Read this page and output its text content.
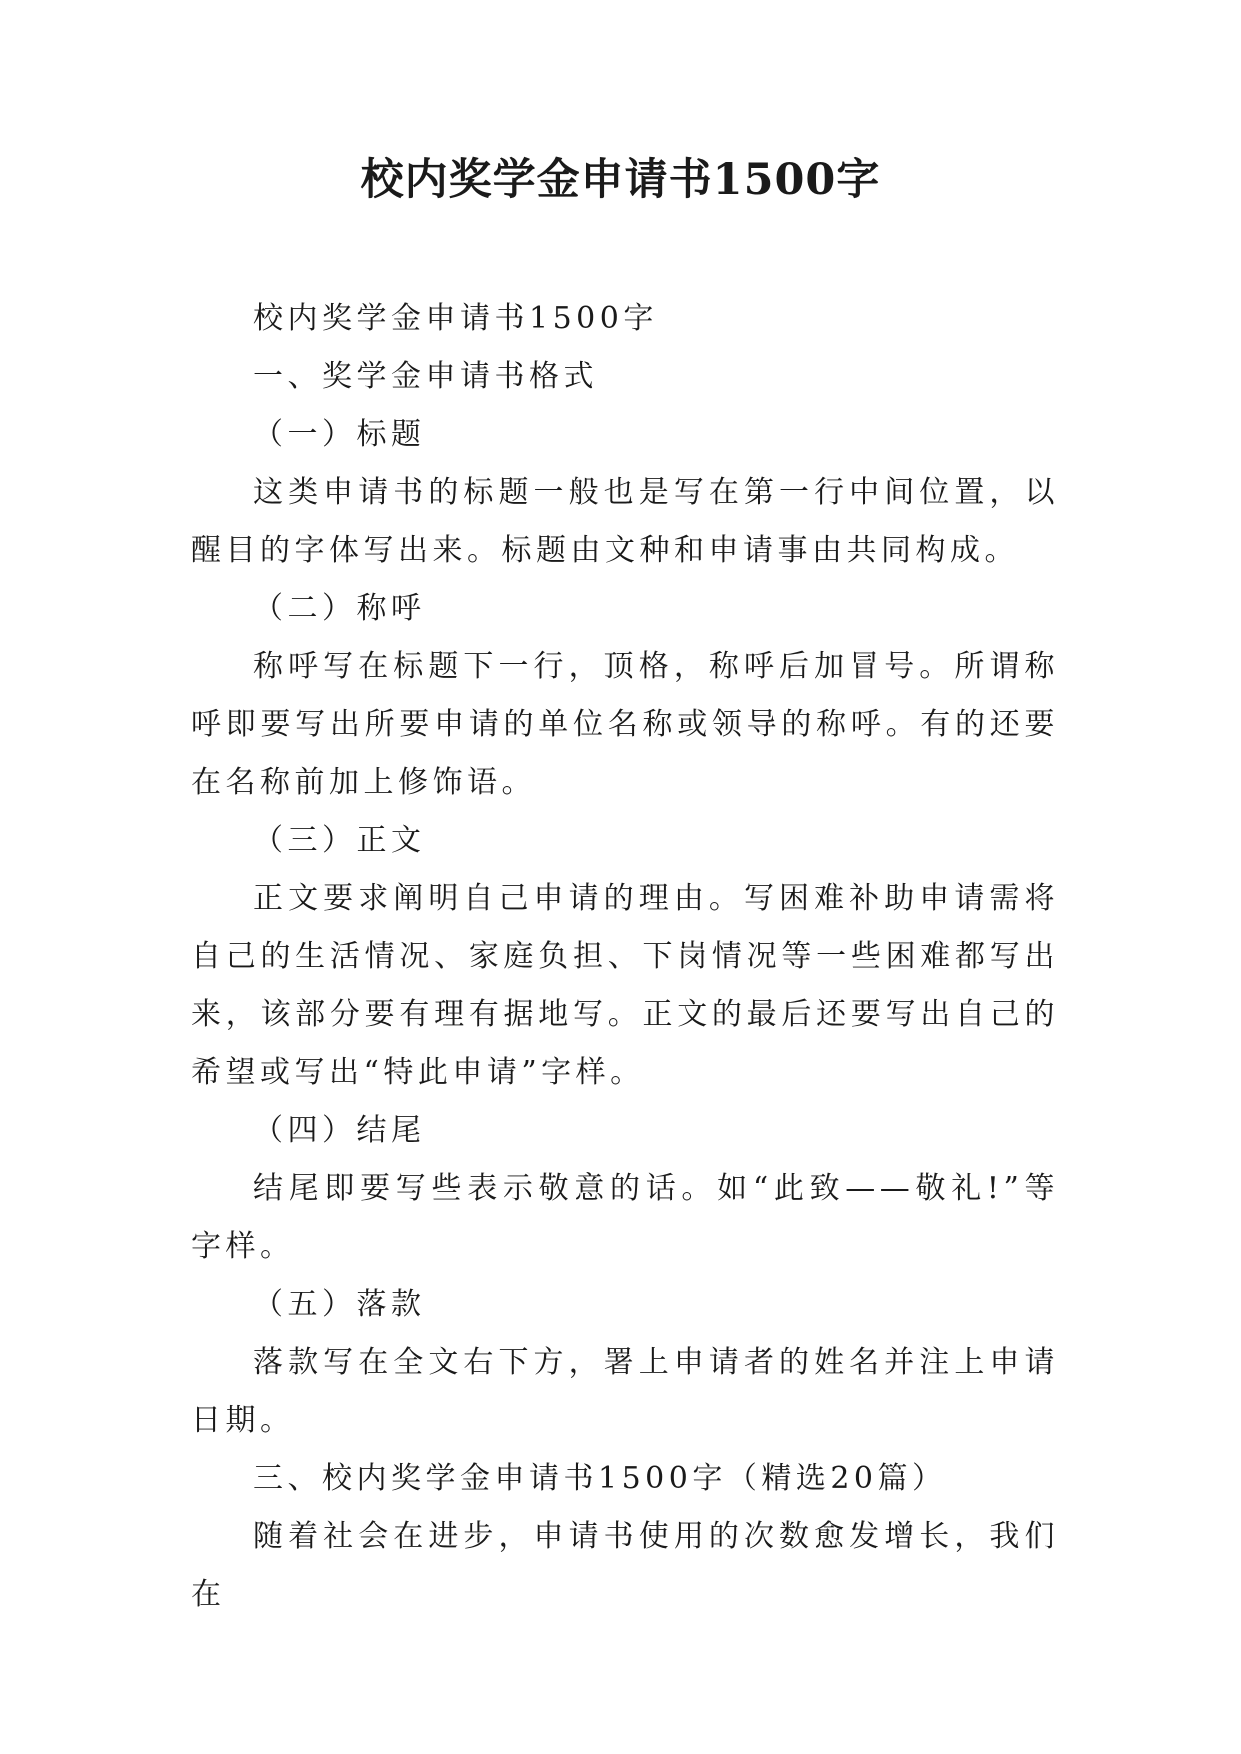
校内奖学金申请书1500字

校内奖学金申请书1500字

一、奖学金申请书格式

（一）标题

这类申请书的标题一般也是写在第一行中间位置，以醒目的字体写出来。标题由文种和申请事由共同构成。

（二）称呼

称呼写在标题下一行，顶格，称呼后加冒号。所谓称呼即要写出所要申请的单位名称或领导的称呼。有的还要在名称前加上修饰语。

（三）正文

正文要求阐明自己申请的理由。写困难补助申请需将自己的生活情况、家庭负担、下岗情况等一些困难都写出来，该部分要有理有据地写。正文的最后还要写出自己的希望或写出“特此申请”字样。

（四）结尾

结尾即要写些表示敬意的话。如“此致——敬礼!”等字样。

（五）落款

落款写在全文右下方，署上申请者的姓名并注上申请日期。

三、校内奖学金申请书1500字（精选20篇）

随着社会在进步，申请书使用的次数愈发增长，我们在
